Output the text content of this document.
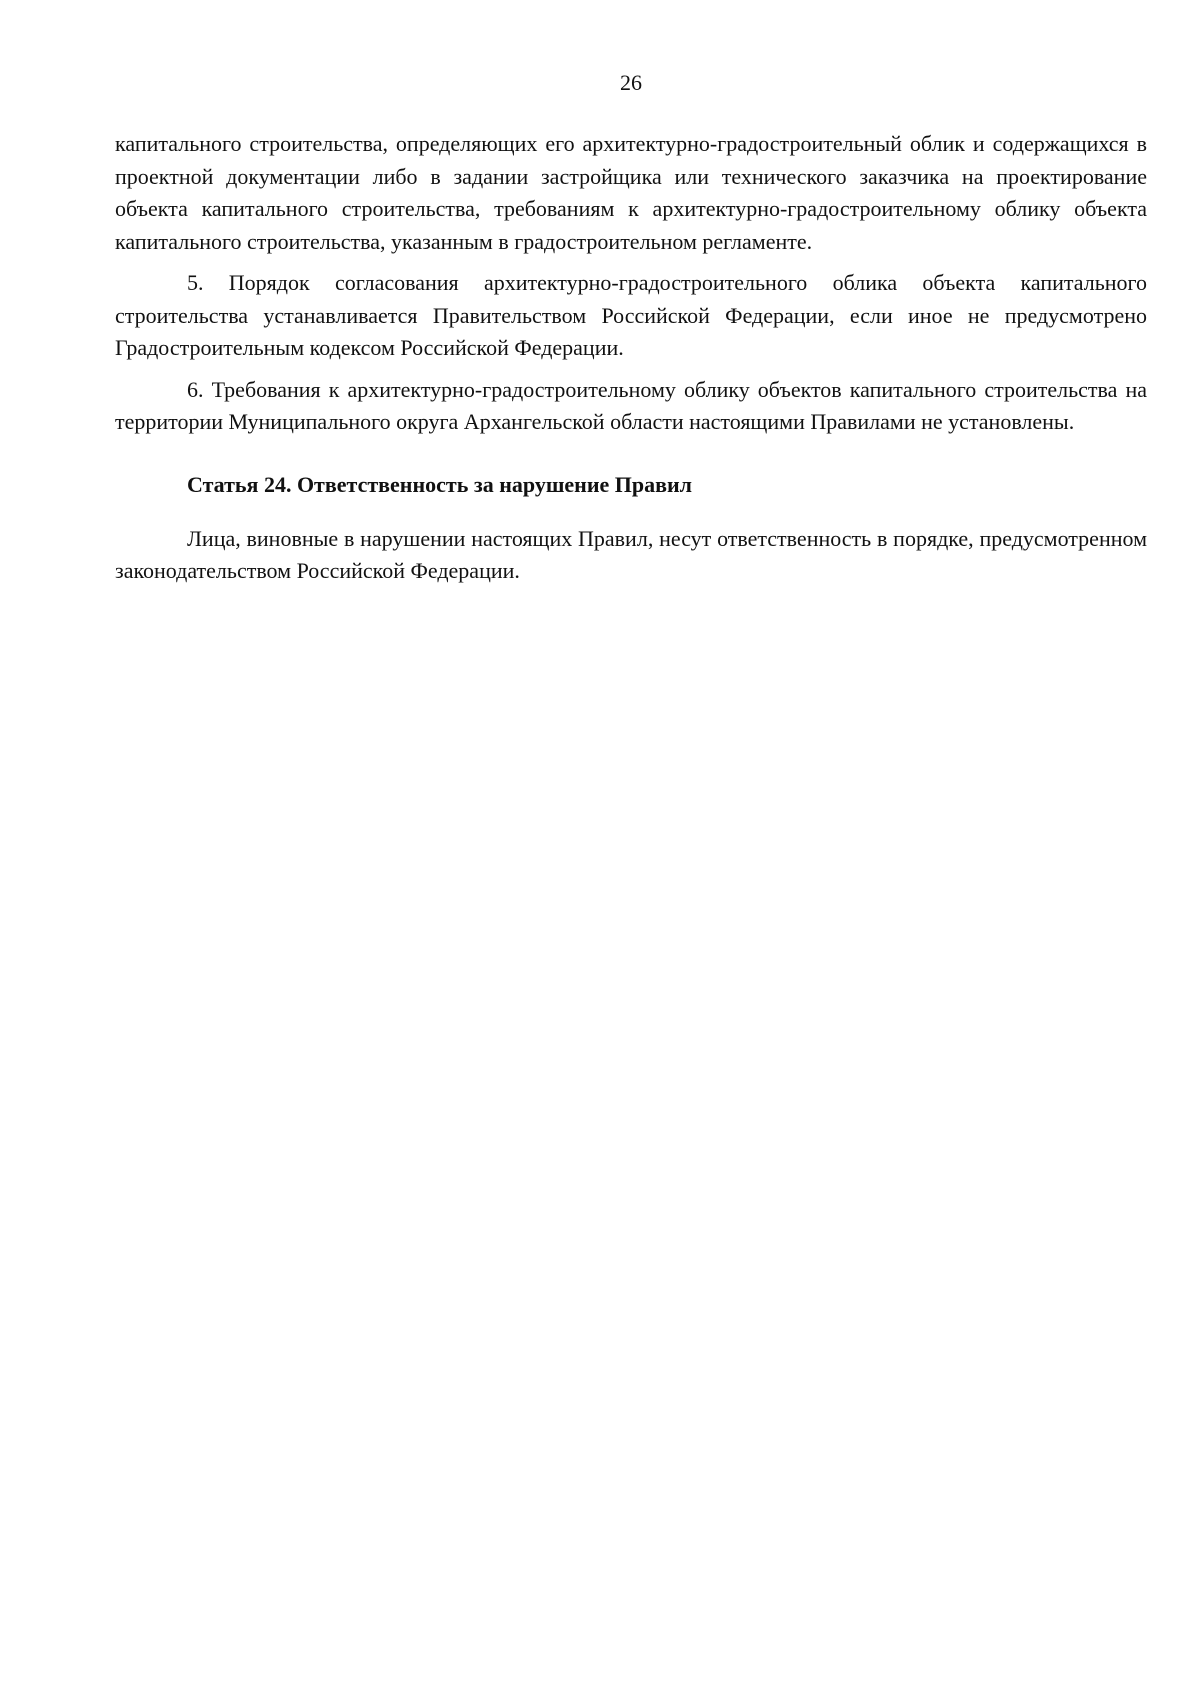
26

капитального строительства, определяющих его архитектурно-градостроительный облик и содержащихся в проектной документации либо в задании застройщика или технического заказчика на проектирование объекта капитального строительства, требованиям к архитектурно-градостроительному облику объекта капитального строительства, указанным в градостроительном регламенте.

5. Порядок согласования архитектурно-градостроительного облика объекта капитального строительства устанавливается Правительством Российской Федерации, если иное не предусмотрено Градостроительным кодексом Российской Федерации.

6. Требования к архитектурно-градостроительному облику объектов капитального строительства на территории Муниципального округа Архангельской области настоящими Правилами не установлены.

Статья 24. Ответственность за нарушение Правил

Лица, виновные в нарушении настоящих Правил, несут ответственность в порядке, предусмотренном законодательством Российской Федерации.
